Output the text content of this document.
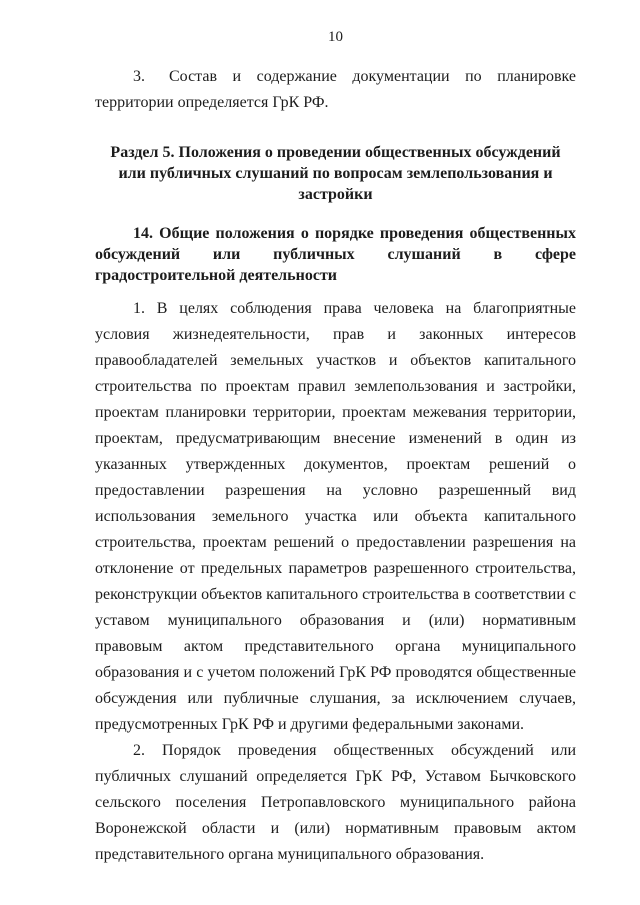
10

3. Состав и содержание документации по планировке территории определяется ГрК РФ.

Раздел 5. Положения о проведении общественных обсуждений или публичных слушаний по вопросам землепользования и застройки
14. Общие положения о порядке проведения общественных обсуждений или публичных слушаний в сфере градостроительной деятельности

1. В целях соблюдения права человека на благоприятные условия жизнедеятельности, прав и законных интересов правообладателей земельных участков и объектов капитального строительства по проектам правил землепользования и застройки, проектам планировки территории, проектам межевания территории, проектам, предусматривающим внесение изменений в один из указанных утвержденных документов, проектам решений о предоставлении разрешения на условно разрешенный вид использования земельного участка или объекта капитального строительства, проектам решений о предоставлении разрешения на отклонение от предельных параметров разрешенного строительства, реконструкции объектов капитального строительства в соответствии с уставом муниципального образования и (или) нормативным правовым актом представительного органа муниципального образования и с учетом положений ГрК РФ проводятся общественные обсуждения или публичные слушания, за исключением случаев, предусмотренных ГрК РФ и другими федеральными законами.

2. Порядок проведения общественных обсуждений или публичных слушаний определяется ГрК РФ, Уставом Бычковского сельского поселения Петропавловского муниципального района Воронежской области и (или) нормативным правовым актом представительного органа муниципального образования.
